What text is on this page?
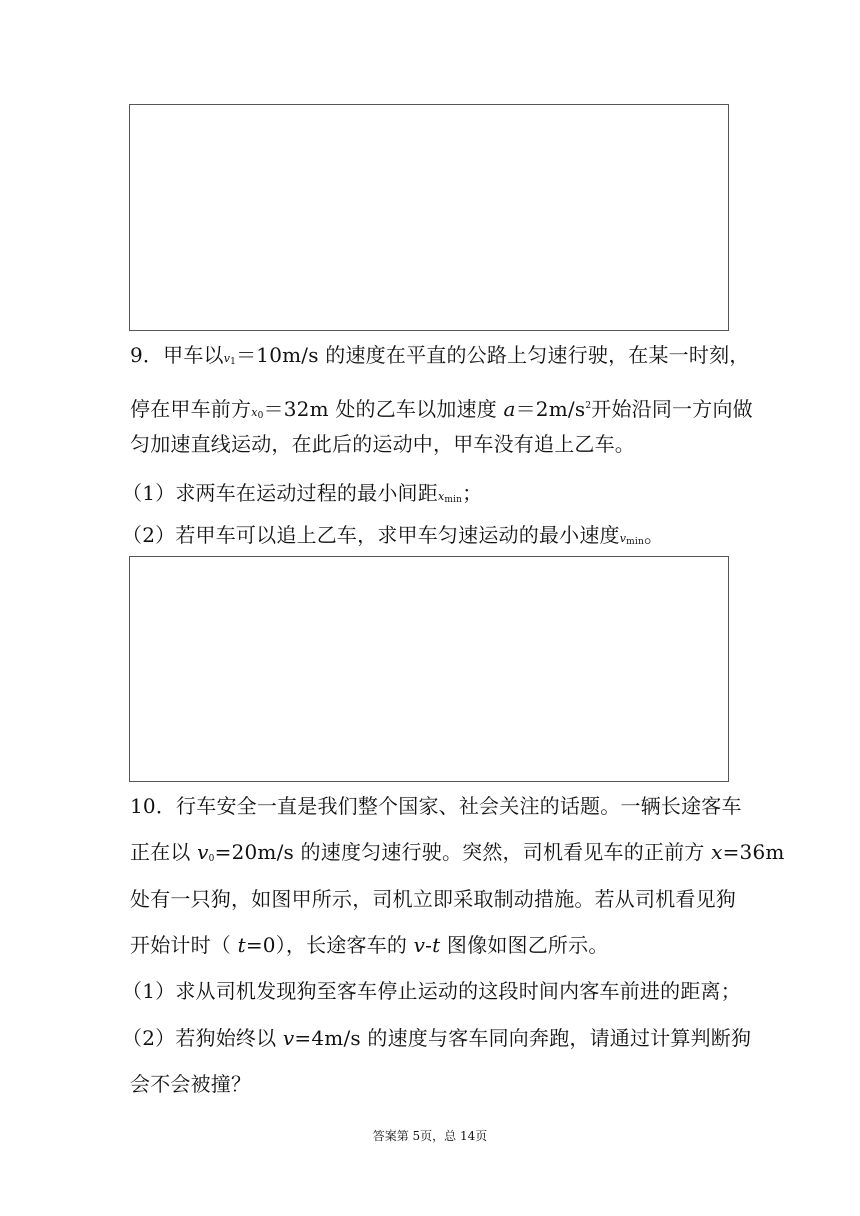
9．甲车以$v_1=10m/s$ 的速度在平直的公路上匀速行驶，在某一时刻，
停在甲车前方$x_0=32m$ 处的乙车以加速度 $a=2m/s^2$开始沿同一方向做
匀加速直线运动，在此后的运动中，甲车没有追上乙车。
（1）求两车在运动过程的最小间距$x_{min}$；
（2）若甲车可以追上乙车，求甲车匀速运动的最小速度$v_{min}$。
10．行车安全一直是我们整个国家、社会关注的话题。一辆长途客车
正在以 $v_0=20m/s$ 的速度匀速行驶。突然，司机看见车的正前方 x=36m
处有一只狗，如图甲所示，司机立即采取制动措施。若从司机看见狗
开始计时（ t=0），长途客车的 v-t 图像如图乙所示。
（1）求从司机发现狗至客车停止运动的这段时间内客车前进的距离；
（2）若狗始终以 v=4m/s 的速度与客车同向奔跑，请通过计算判断狗
会不会被撞？
答案第 5页，总 14页
